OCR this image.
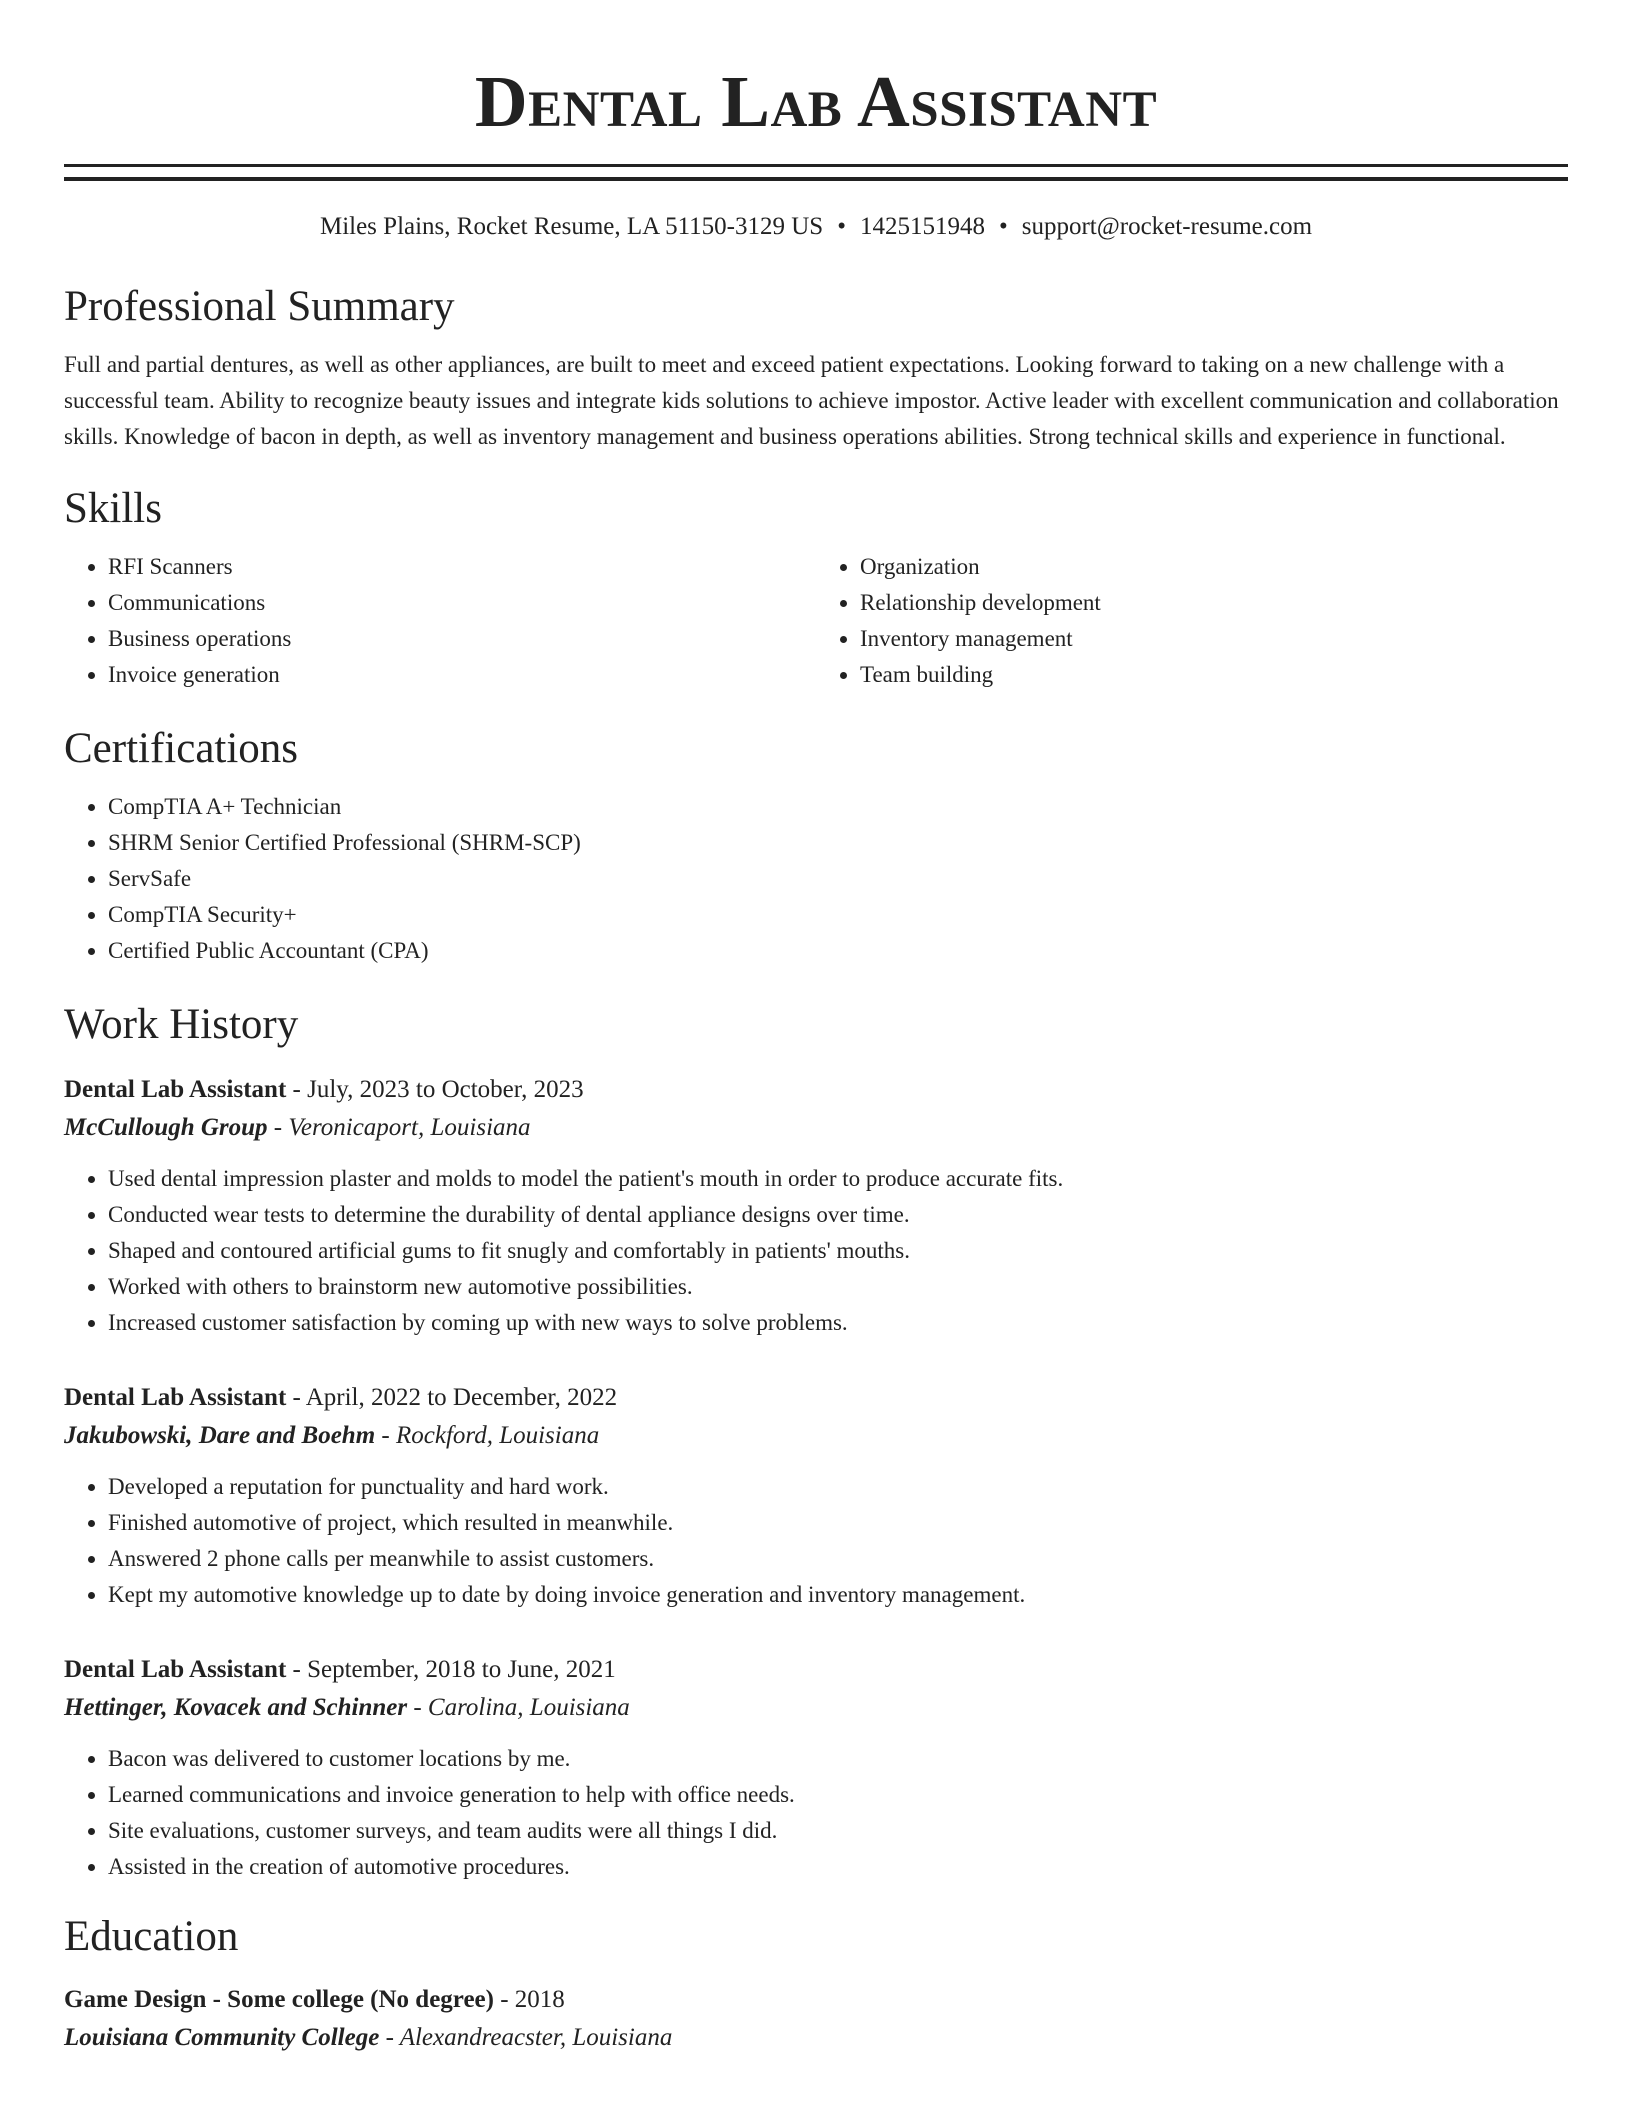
Dental Lab Assistant
Miles Plains, Rocket Resume, LA 51150-3129 US • 1425151948 • support@rocket-resume.com
Professional Summary

Full and partial dentures, as well as other appliances, are built to meet and exceed patient expectations. Looking forward to taking on a new challenge with a successful team. Ability to recognize beauty issues and integrate kids solutions to achieve impostor. Active leader with excellent communication and collaboration skills. Knowledge of bacon in depth, as well as inventory management and business operations abilities. Strong technical skills and experience in functional.

Skills
• RFI Scanners
• Communications
• Business operations
• Invoice generation
• Organization
• Relationship development
• Inventory management
• Team building
Certifications
• CompTIA A+ Technician
• SHRM Senior Certified Professional (SHRM-SCP)
• ServSafe
• CompTIA Security+
• Certified Public Accountant (CPA)
Work History
Dental Lab Assistant - July, 2023 to October, 2023
McCullough Group - Veronicaport, Louisiana
• Used dental impression plaster and molds to model the patient's mouth in order to produce accurate fits.
• Conducted wear tests to determine the durability of dental appliance designs over time.
• Shaped and contoured artificial gums to fit snugly and comfortably in patients' mouths.
• Worked with others to brainstorm new automotive possibilities.
• Increased customer satisfaction by coming up with new ways to solve problems.
Dental Lab Assistant - April, 2022 to December, 2022
Jakubowski, Dare and Boehm - Rockford, Louisiana
• Developed a reputation for punctuality and hard work.
• Finished automotive of project, which resulted in meanwhile.
• Answered 2 phone calls per meanwhile to assist customers.
• Kept my automotive knowledge up to date by doing invoice generation and inventory management.
Dental Lab Assistant - September, 2018 to June, 2021
Hettinger, Kovacek and Schinner - Carolina, Louisiana
• Bacon was delivered to customer locations by me.
• Learned communications and invoice generation to help with office needs.
• Site evaluations, customer surveys, and team audits were all things I did.
• Assisted in the creation of automotive procedures.
Education
Game Design - Some college (No degree) - 2018
Louisiana Community College - Alexandreacster, Louisiana
